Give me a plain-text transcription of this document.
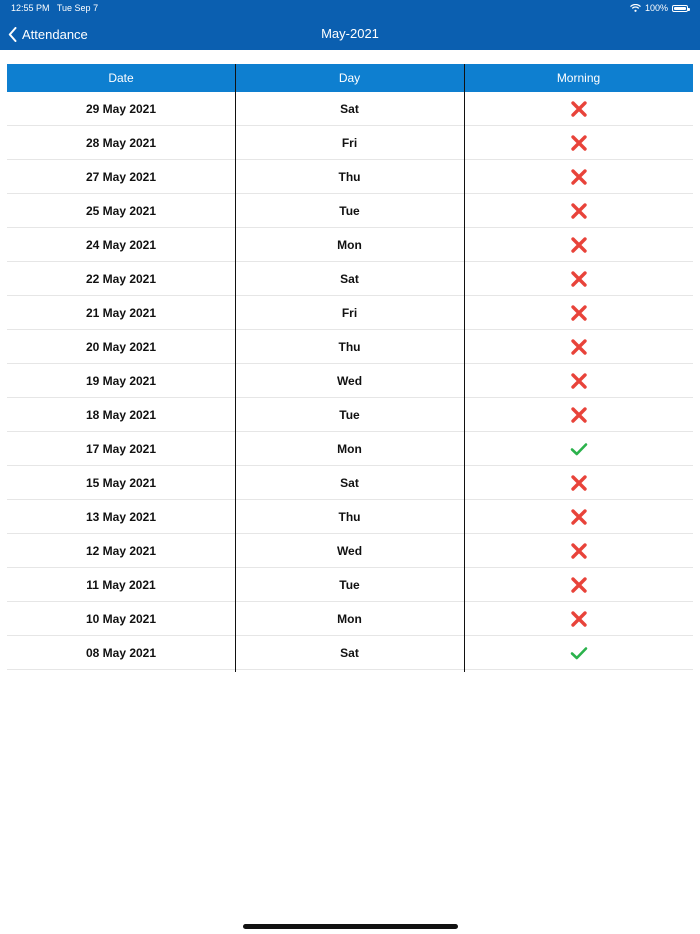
12:55 PM Tue Sep 7	100%
Attendance	May-2021
Date	Day	Morning
29 May 2021	Sat
28 May 2021	Fri
27 May 2021	Thu
25 May 2021	Tue
24 May 2021	Mon
22 May 2021	Sat
21 May 2021	Fri
20 May 2021	Thu
19 May 2021	Wed
18 May 2021	Tue
17 May 2021	Mon
15 May 2021	Sat
13 May 2021	Thu
12 May 2021	Wed
11 May 2021	Tue
10 May 2021	Mon
08 May 2021	Sat
